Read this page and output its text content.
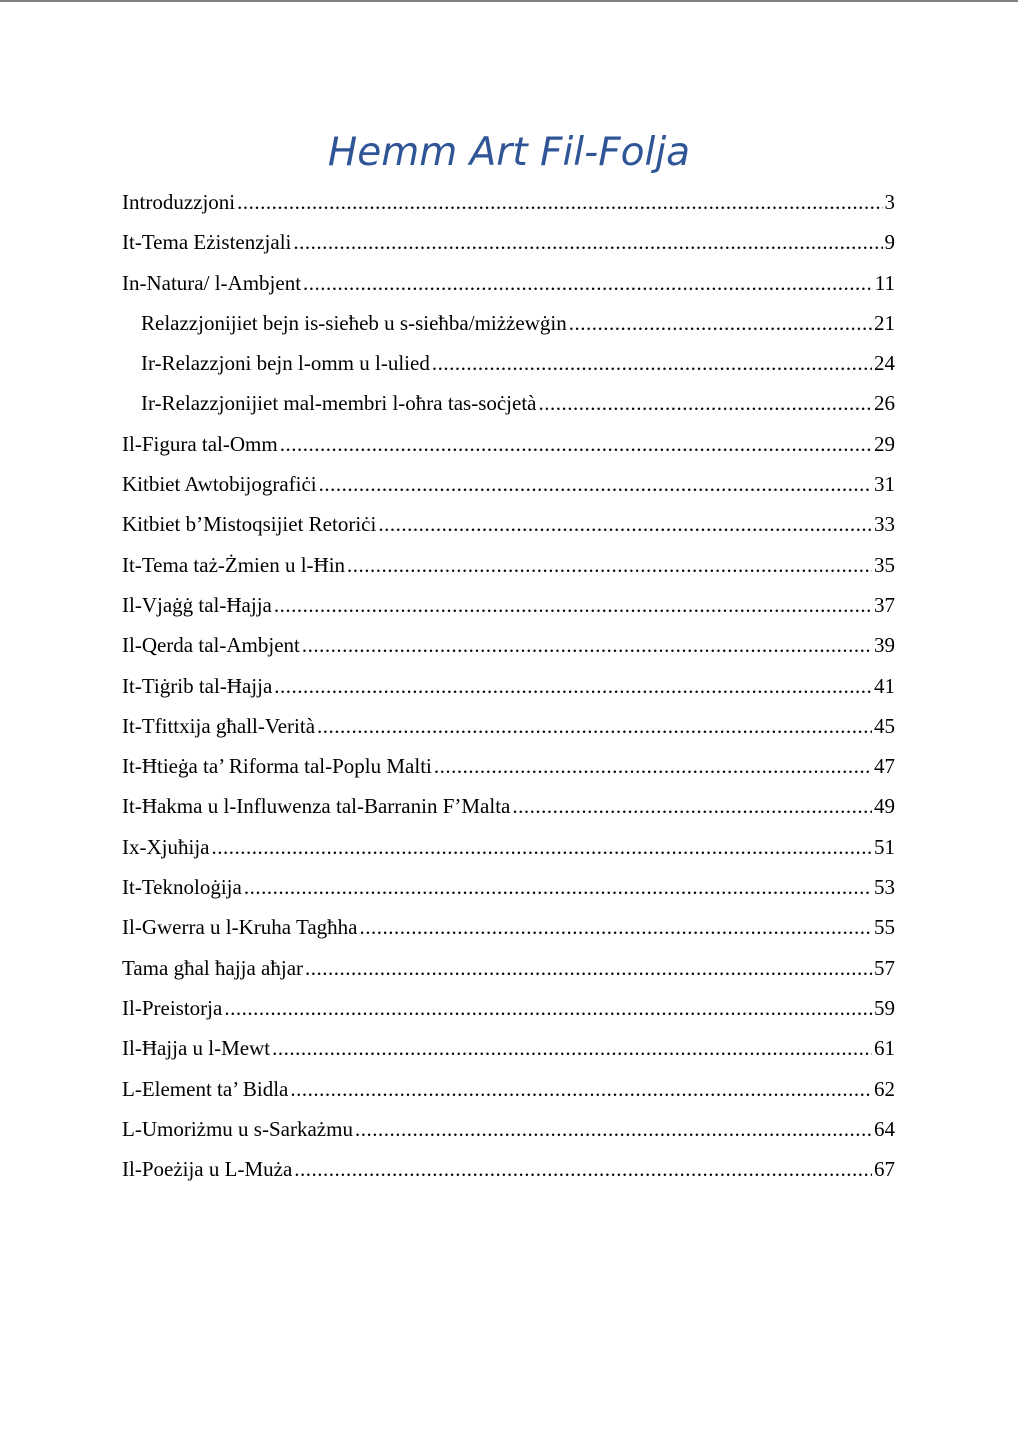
Hemm Art Fil-Folja
Introduzzjoni .....	3
It-Tema Eżistenzjali .....	9
In-Natura/ l-Ambjent .....	11
Relazzjonijiet bejn is-sieħeb u s-sieħba/miżżewġin .....	21
Ir-Relazzjoni bejn l-omm u l-ulied .....	24
Ir-Relazzjonijiet mal-membri l-oħra tas-soċjetà .....	26
Il-Figura tal-Omm .....	29
Kitbiet Awtobijografiċi .....	31
Kitbiet b’Mistoqsijiet Retoriċi .....	33
It-Tema taż-Żmien u l-Ħin .....	35
Il-Vjaġġ tal-Ħajja .....	37
Il-Qerda tal-Ambjent .....	39
It-Tiġrib tal-Ħajja .....	41
It-Tfittxija għall-Verità .....	45
It-Ħtieġa ta’ Riforma tal-Poplu Malti .....	47
It-Ħakma u l-Influwenza tal-Barranin F’Malta .....	49
Ix-Xjuħija .....	51
It-Teknoloġija .....	53
Il-Gwerra u l-Kruha Tagħha .....	55
Tama għal ħajja aħjar .....	57
Il-Preistorja .....	59
Il-Ħajja u l-Mewt .....	61
L-Element ta’ Bidla .....	62
L-Umoriżmu u s-Sarkażmu .....	64
Il-Poeżija u L-Muża .....	67
